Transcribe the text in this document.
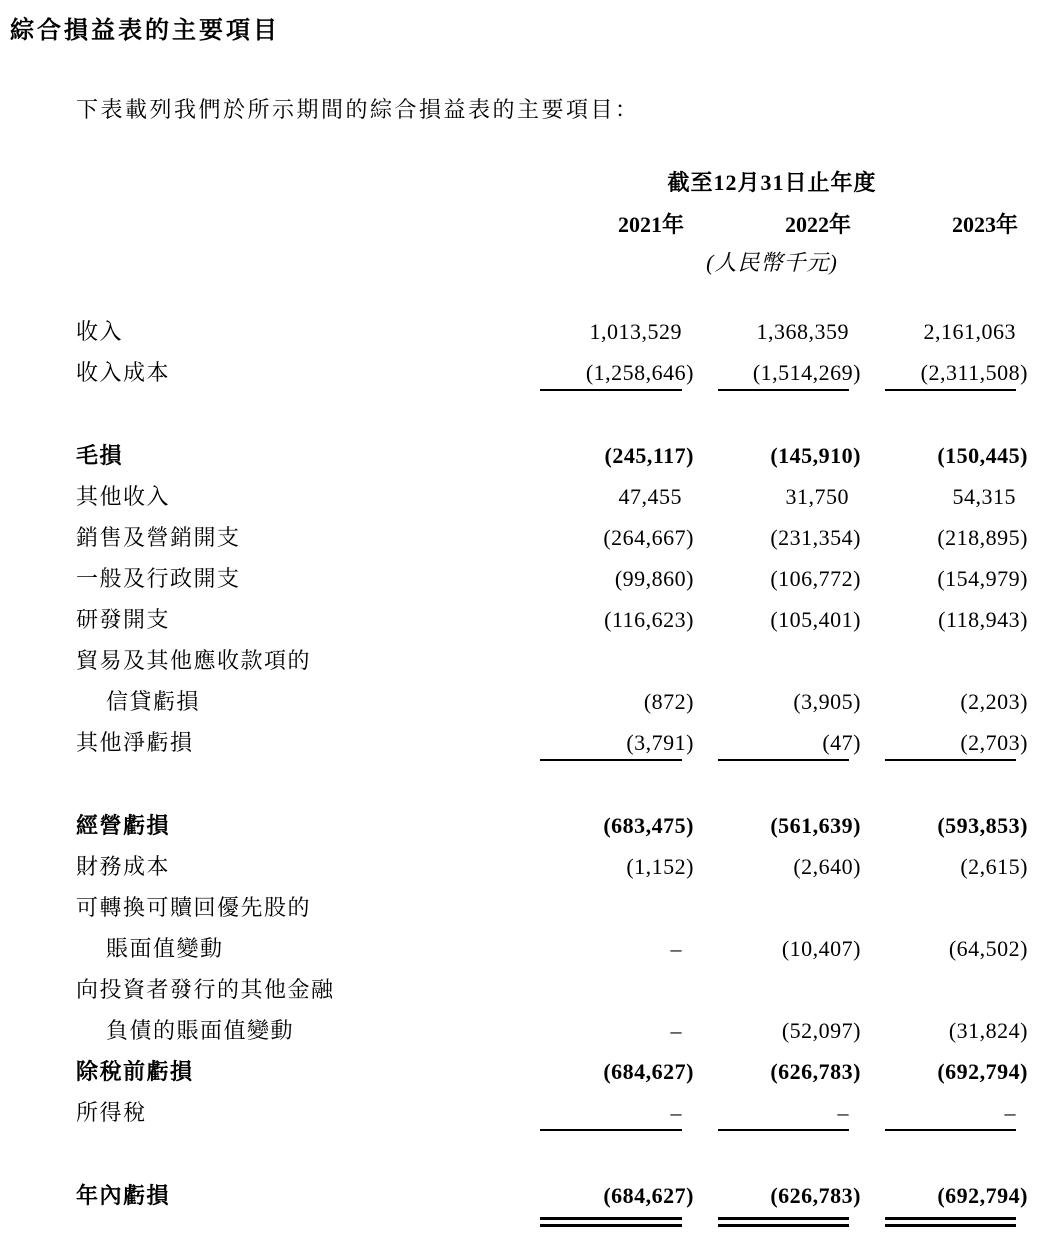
綜合損益表的主要項目
下表載列我們於所示期間的綜合損益表的主要項目：
截至12月31日止年度
2021年	2022年	2023年
(人民幣千元)
收入	1,013,529	1,368,359	2,161,063
收入成本	(1,258,646)	(1,514,269)	(2,311,508)
毛損	(245,117)	(145,910)	(150,445)
其他收入	47,455	31,750	54,315
銷售及營銷開支	(264,667)	(231,354)	(218,895)
一般及行政開支	(99,860)	(106,772)	(154,979)
研發開支	(116,623)	(105,401)	(118,943)
貿易及其他應收款項的
信貸虧損	(872)	(3,905)	(2,203)
其他淨虧損	(3,791)	(47)	(2,703)
經營虧損	(683,475)	(561,639)	(593,853)
財務成本	(1,152)	(2,640)	(2,615)
可轉換可贖回優先股的
賬面值變動	–	(10,407)	(64,502)
向投資者發行的其他金融
負債的賬面值變動	–	(52,097)	(31,824)
除稅前虧損	(684,627)	(626,783)	(692,794)
所得稅	–	–	–
年內虧損	(684,627)	(626,783)	(692,794)
